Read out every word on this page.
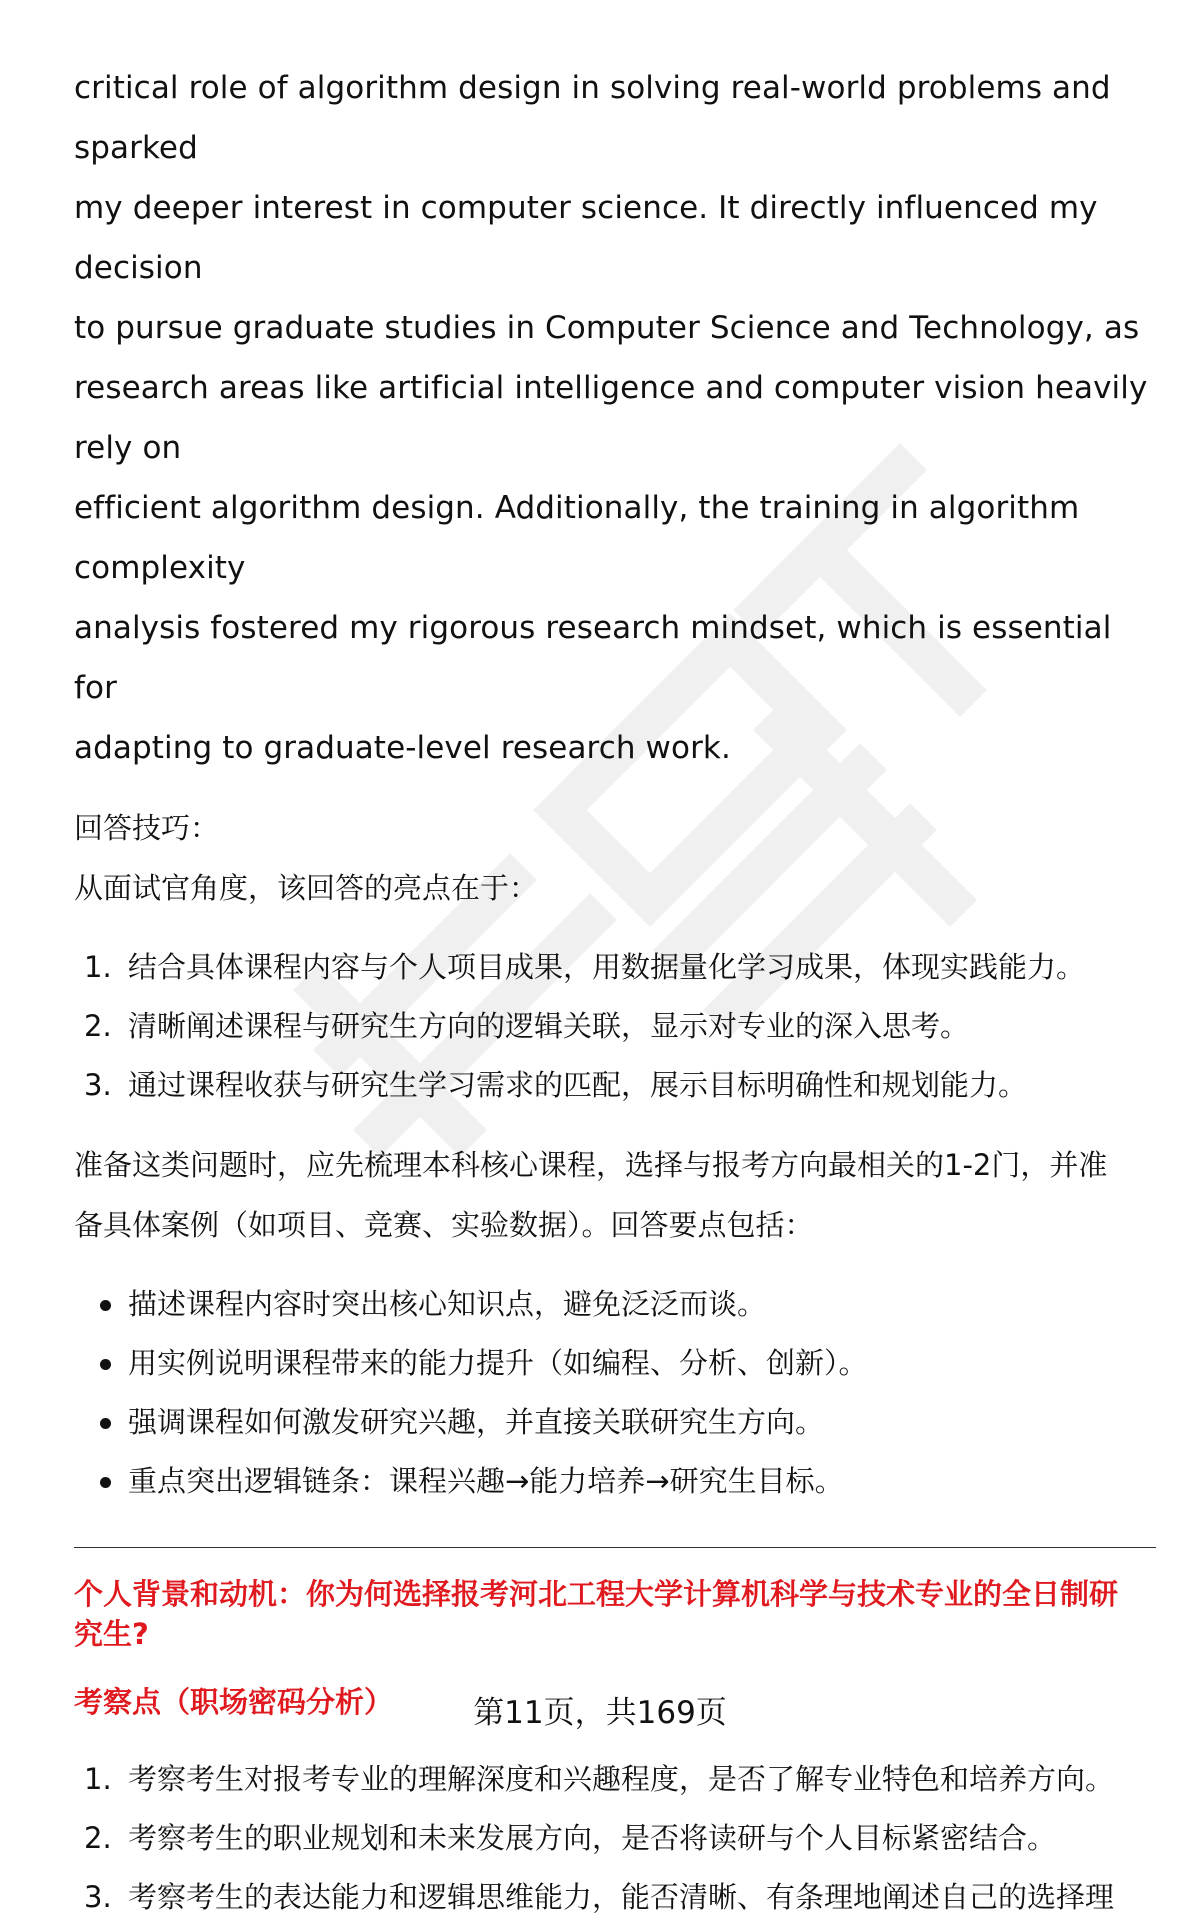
critical role of algorithm design in solving real-world problems and sparked

my deeper interest in computer science. It directly influenced my decision

to pursue graduate studies in Computer Science and Technology, as

research areas like artificial intelligence and computer vision heavily rely on

efficient algorithm design. Additionally, the training in algorithm complexity

analysis fostered my rigorous research mindset, which is essential for

adapting to graduate-level research work.

回答技巧：

从面试官角度，该回答的亮点在于：

1. 结合具体课程内容与个人项目成果，用数据量化学习成果，体现实践能力。
2. 清晰阐述课程与研究生方向的逻辑关联，显示对专业的深入思考。
3. 通过课程收获与研究生学习需求的匹配，展示目标明确性和规划能力。

准备这类问题时，应先梳理本科核心课程，选择与报考方向最相关的1-2门，并准

备具体案例（如项目、竞赛、实验数据）。回答要点包括：

描述课程内容时突出核心知识点，避免泛泛而谈。
用实例说明课程带来的能力提升（如编程、分析、创新）。
强调课程如何激发研究兴趣，并直接关联研究生方向。
重点突出逻辑链条：课程兴趣→能力培养→研究生目标。

个人背景和动机：你为何选择报考河北工程大学计算机科学与技术专业的全日制研

究生?

考察点（职场密码分析）

1. 考察考生对报考专业的理解深度和兴趣程度，是否了解专业特色和培养方向。
2. 考察考生的职业规划和未来发展方向，是否将读研与个人目标紧密结合。
3. 考察考生的表达能力和逻辑思维能力，能否清晰、有条理地阐述自己的选择理
第11页，共169页
